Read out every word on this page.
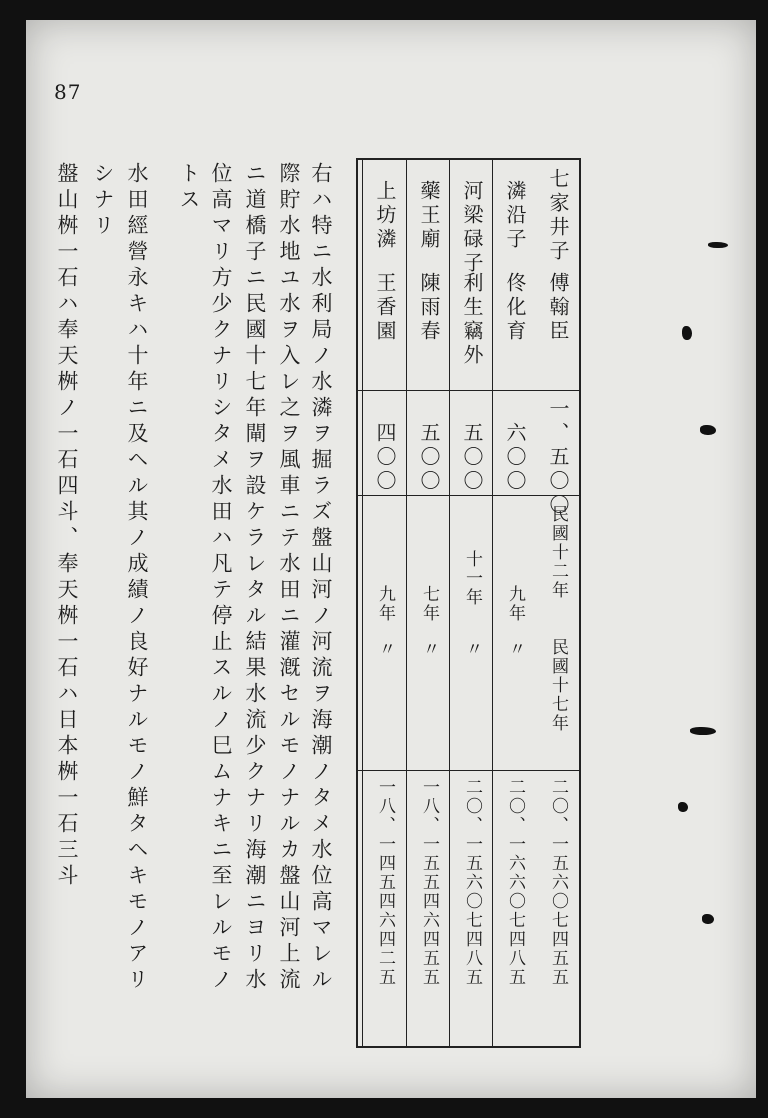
87
七家井子
傅翰臣
一、五〇〇
民國十二年
民國十七年
二〇、一五六〇七四五五
潾沿子
佟化育
六〇〇
九年
〃
二〇、一六六〇七四八五
河梁碌子
利生竊外
五〇〇
十一年
〃
二〇、一五六〇七四八五
藥王廟
陳雨春
五〇〇
七年
〃
一八、一五五四六四五五
上坊潾
王香園
四〇〇
九年
〃
一八、一四五四六四二五
右ハ特ニ水利局ノ水潾ヲ掘ラズ盤山河ノ河流ヲ海潮ノタメ水位高マレル
際貯水地ユ水ヲ入レ之ヲ風車ニテ水田ニ灌漑セルモノナルカ盤山河上流
ニ道橋子ニ民國十七年閘ヲ設ケラレタル結果水流少クナリ海潮ニヨリ水
位高マリ方少クナリシタメ水田ハ凡テ停止スルノ巳ムナキニ至レルモノ
トス
水田經營永キハ十年ニ及ヘル其ノ成績ノ良好ナルモノ鮮タヘキモノアリ
シナリ
盤山桝一石ハ奉天桝ノ一石四斗、奉天桝一石ハ日本桝一石三斗
